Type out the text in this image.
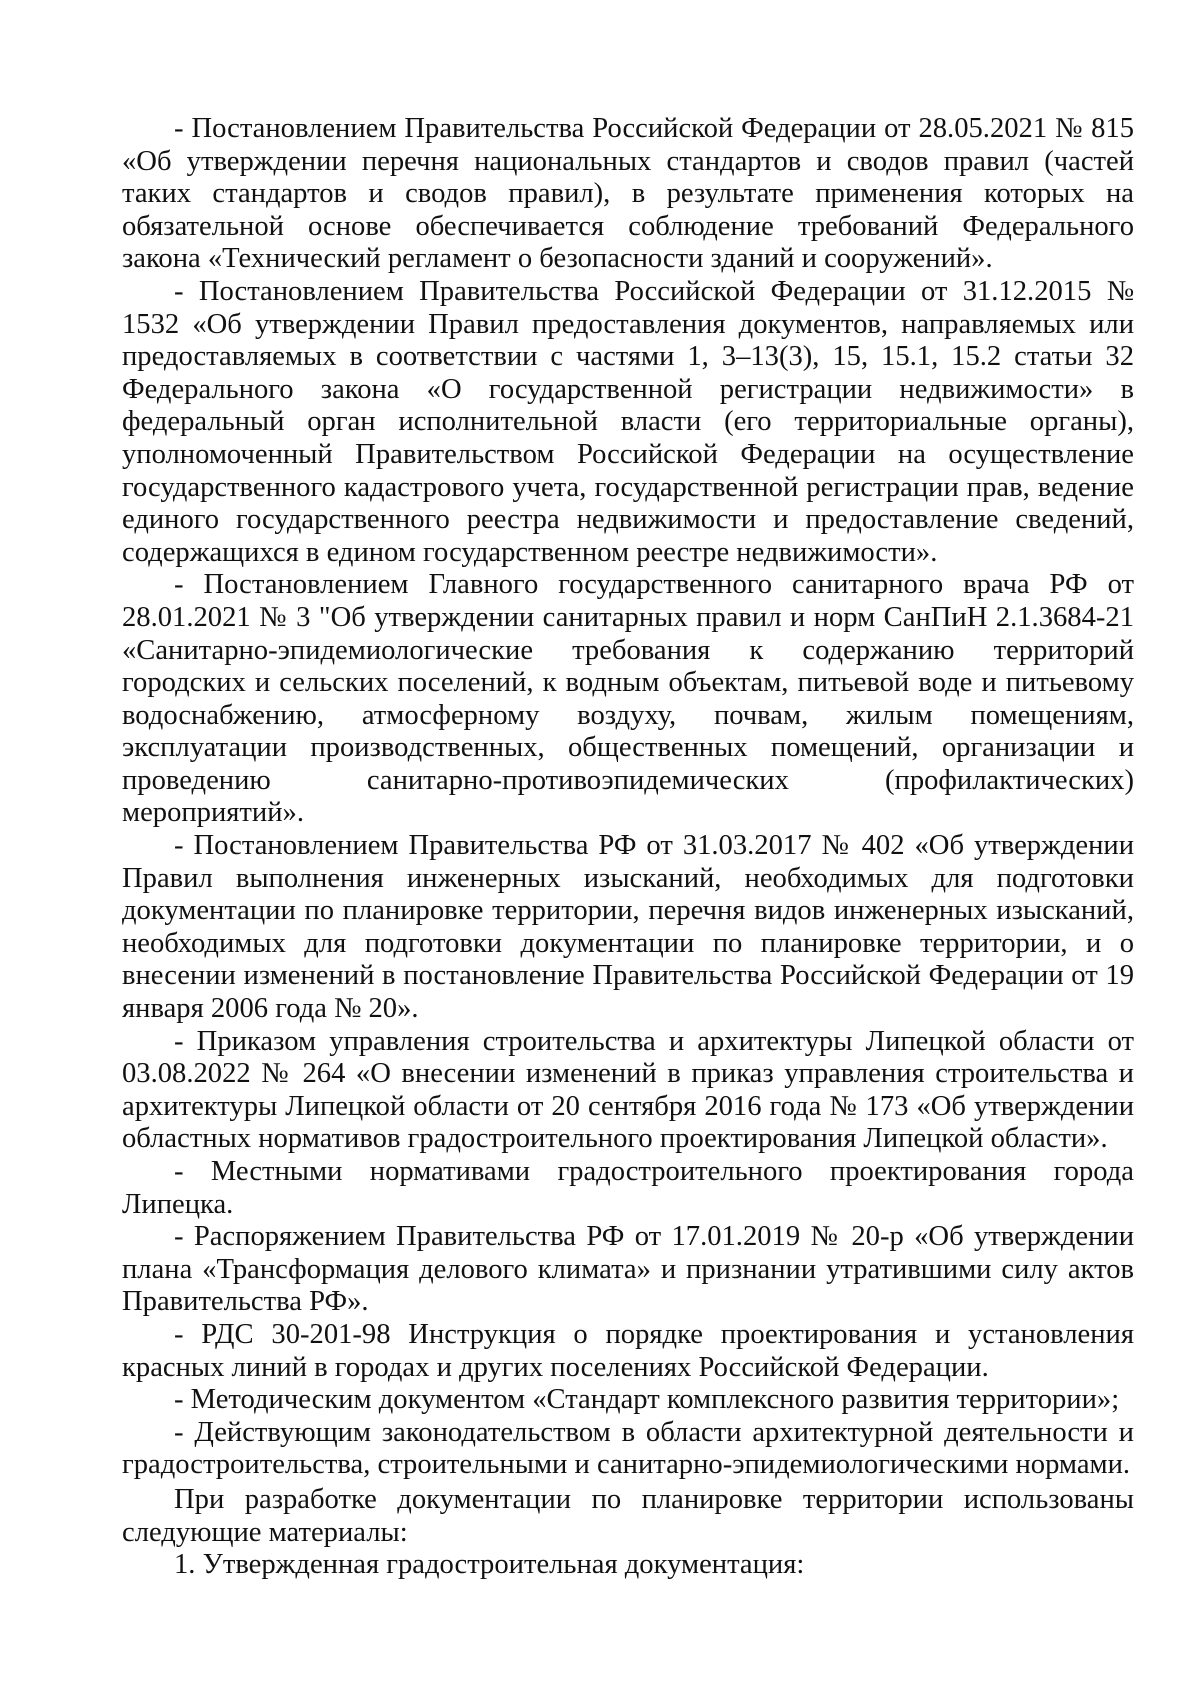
- Постановлением Правительства Российской Федерации от 28.05.2021 № 815 «Об утверждении перечня национальных стандартов и сводов правил (частей таких стандартов и сводов правил), в результате применения которых на обязательной основе обеспечивается соблюдение требований Федерального закона «Технический регламент о безопасности зданий и сооружений».

- Постановлением Правительства Российской Федерации от 31.12.2015 № 1532 «Об утверждении Правил предоставления документов, направляемых или предоставляемых в соответствии с частями 1, 3–13(3), 15, 15.1, 15.2 статьи 32 Федерального закона «О государственной регистрации недвижимости» в федеральный орган исполнительной власти (его территориальные органы), уполномоченный Правительством Российской Федерации на осуществление государственного кадастрового учета, государственной регистрации прав, ведение единого государственного реестра недвижимости и предоставление сведений, содержащихся в едином государственном реестре недвижимости».

- Постановлением Главного государственного санитарного врача РФ от 28.01.2021 № 3 "Об утверждении санитарных правил и норм СанПиН 2.1.3684-21 «Санитарно-эпидемиологические требования к содержанию территорий городских и сельских поселений, к водным объектам, питьевой воде и питьевому водоснабжению, атмосферному воздуху, почвам, жилым помещениям, эксплуатации производственных, общественных помещений, организации и проведению санитарно-противоэпидемических (профилактических) мероприятий».

- Постановлением Правительства РФ от 31.03.2017 № 402 «Об утверждении Правил выполнения инженерных изысканий, необходимых для подготовки документации по планировке территории, перечня видов инженерных изысканий, необходимых для подготовки документации по планировке территории, и о внесении изменений в постановление Правительства Российской Федерации от 19 января 2006 года № 20».

- Приказом управления строительства и архитектуры Липецкой области от 03.08.2022 № 264 «О внесении изменений в приказ управления строительства и архитектуры Липецкой области от 20 сентября 2016 года № 173 «Об утверждении областных нормативов градостроительного проектирования Липецкой области».

- Местными нормативами градостроительного проектирования города Липецка.

- Распоряжением Правительства РФ от 17.01.2019 № 20-р «Об утверждении плана «Трансформация делового климата» и признании утратившими силу актов Правительства РФ».

- РДС 30-201-98 Инструкция о порядке проектирования и установления красных линий в городах и других поселениях Российской Федерации.

- Методическим документом «Стандарт комплексного развития территории»;

- Действующим законодательством в области архитектурной деятельности и градостроительства, строительными и санитарно-эпидемиологическими нормами.

При разработке документации по планировке территории использованы следующие материалы:

1. Утвержденная градостроительная документация:
